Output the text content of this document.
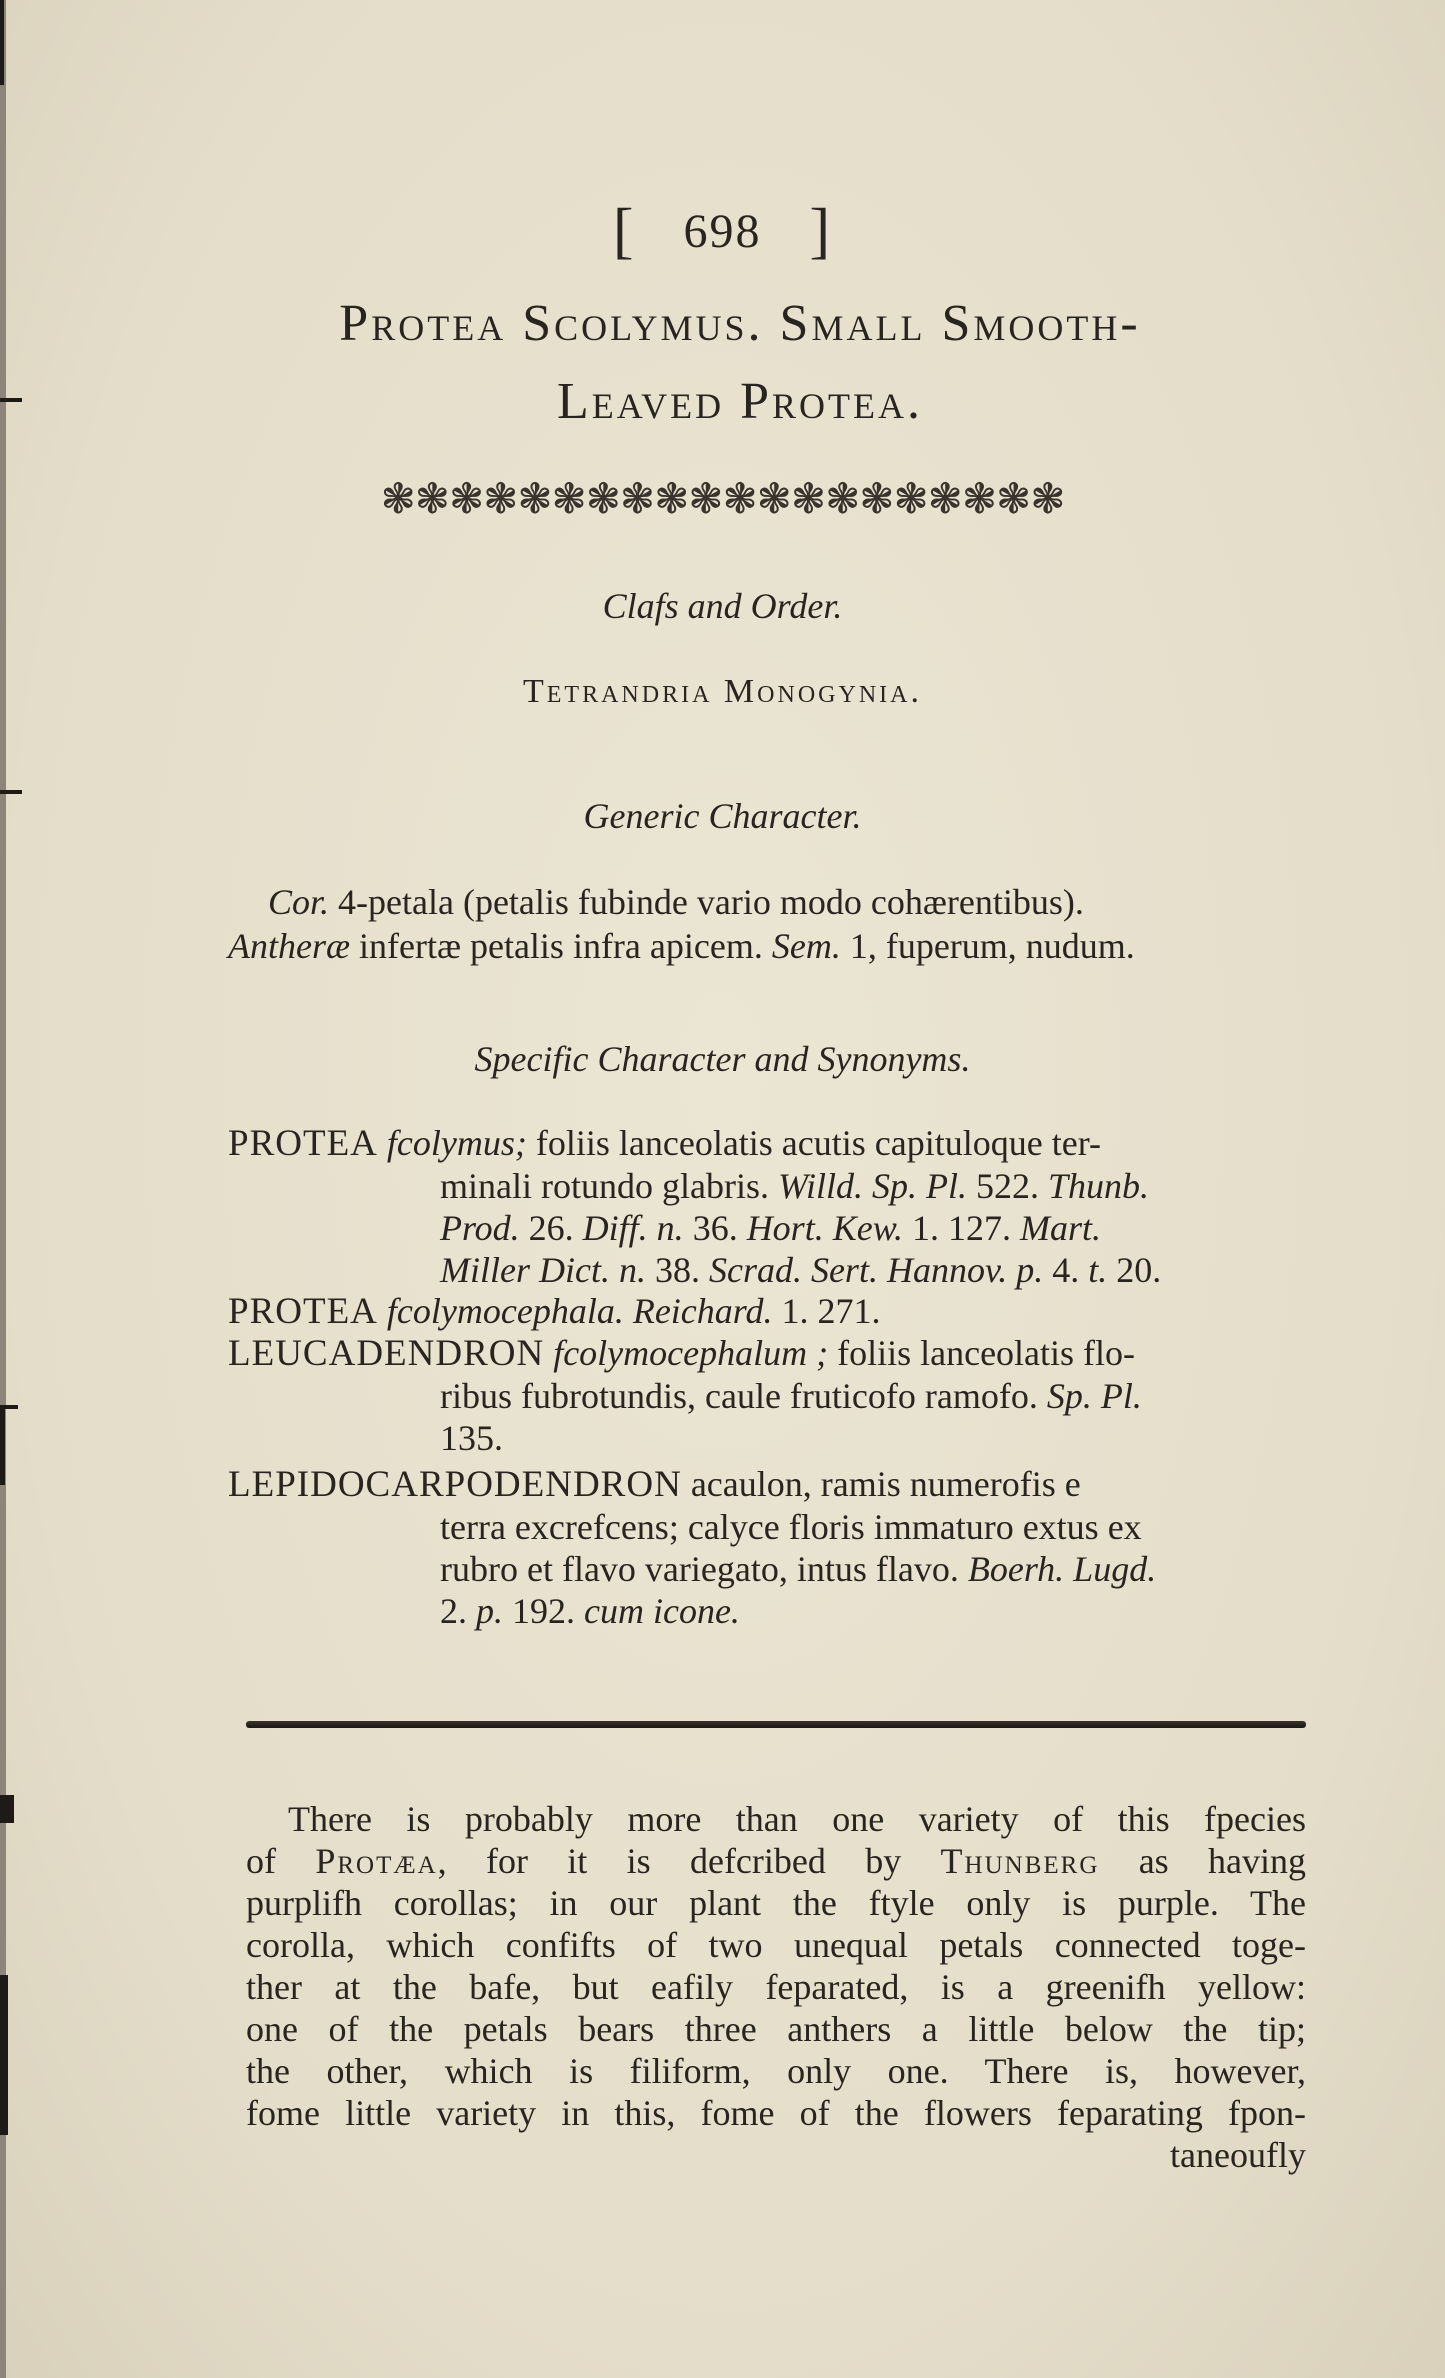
[ 698 ]
Protea Scolymus. Small Smooth-
Leaved Protea.
❃❃❃❃❃❃❃❃❃❃❃❃❃❃❃❃❃❃❃❃
Clafs and Order.
Tetrandria Monogynia.
Generic Character.
Cor. 4-petala (petalis fubinde vario modo cohærentibus).
Antheræ infertæ petalis infra apicem. Sem. 1, fuperum, nudum.
Specific Character and Synonyms.
PROTEA fcolymus; foliis lanceolatis acutis capituloque ter-
minali rotundo glabris. Willd. Sp. Pl. 522. Thunb.
Prod. 26. Diff. n. 36. Hort. Kew. 1. 127. Mart.
Miller Dict. n. 38. Scrad. Sert. Hannov. p. 4. t. 20.
PROTEA fcolymocephala. Reichard. 1. 271.
LEUCADENDRON fcolymocephalum ; foliis lanceolatis flo-
ribus fubrotundis, caule fruticofo ramofo. Sp. Pl.
135.
LEPIDOCARPODENDRON acaulon, ramis numerofis e
terra excrefcens; calyce floris immaturo extus ex
rubro et flavo variegato, intus flavo. Boerh. Lugd.
2. p. 192. cum icone.
There is probably more than one variety of this fpecies
of Protæa, for it is defcribed by Thunberg as having
purplifh corollas; in our plant the ftyle only is purple. The
corolla, which confifts of two unequal petals connected toge-
ther at the bafe, but eafily feparated, is a greenifh yellow:
one of the petals bears three anthers a little below the tip;
the other, which is filiform, only one. There is, however,
fome little variety in this, fome of the flowers feparating fpon-
taneoufly
